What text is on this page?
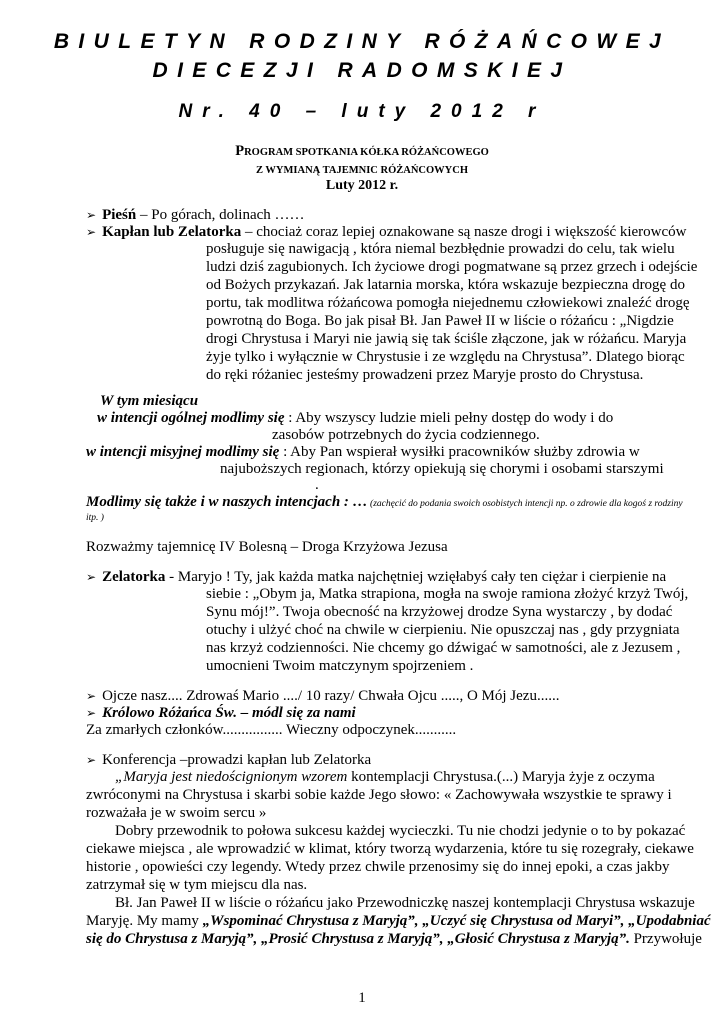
BIULETYN RODZINY RÓŻAŃCOWEJ
DIECEZJI RADOMSKIEJ
Nr. 40 – luty 2012 r
PROGRAM SPOTKANIA KÓŁKA RÓŻAŃCOWEGO
Z WYMIANĄ TAJEMNIC RÓŻAŃCOWYCH
Luty 2012 r.
➢ Pieśń – Po górach, dolinach ……
➢ Kapłan lub Zelatorka – chociaż coraz lepiej oznakowane są nasze drogi i większość kierowców
posługuje się nawigacją , która niemal bezbłędnie prowadzi do celu, tak wielu
ludzi dziś zagubionych. Ich życiowe drogi pogmatwane są przez grzech i odejście
od Bożych przykazań. Jak latarnia morska, która wskazuje bezpieczna drogę do
portu, tak modlitwa różańcowa pomogła niejednemu człowiekowi znaleźć drogę
powrotną do Boga. Bo jak pisał Bł. Jan Paweł II w liście o różańcu : „Nigdzie
drogi Chrystusa i Maryi nie jawią się tak ściśle złączone, jak w różańcu. Maryja
żyje tylko i wyłącznie w Chrystusie i ze względu na Chrystusa”. Dlatego biorąc
do ręki różaniec jesteśmy prowadzeni przez Maryje prosto do Chrystusa.
W tym miesiącu
w intencji ogólnej modlimy się : Aby wszyscy ludzie mieli pełny dostęp do wody i do
zasobów potrzebnych do życia codziennego.
w intencji misyjnej modlimy się : Aby Pan wspierał wysiłki pracowników służby zdrowia w
najuboższych regionach, którzy opiekują się chorymi i osobami starszymi
.
Modlimy się także i w naszych intencjach : … (zachęcić do podania swoich osobistych intencji np. o zdrowie dla kogoś z rodziny
itp. )
Rozważmy tajemnicę IV Bolesną – Droga Krzyżowa Jezusa
➢ Zelatorka - Maryjo ! Ty, jak każda matka najchętniej wzięłabyś cały ten ciężar i cierpienie na
siebie : „Obym ja, Matka strapiona, mogła na swoje ramiona złożyć krzyż Twój,
Synu mój!”. Twoja obecność na krzyżowej drodze Syna wystarczy , by dodać
otuchy i ulżyć choć na chwile w cierpieniu. Nie opuszczaj nas , gdy przygniata
nas krzyż codzienności. Nie chcemy go dźwigać w samotności, ale z Jezusem ,
umocnieni Twoim matczynym spojrzeniem .
➢ Ojcze nasz.... Zdrowaś Mario ..../ 10 razy/ Chwała Ojcu ....., O Mój Jezu......
➢ Królowo Różańca Św. – módl się za nami
Za zmarłych członków................ Wieczny odpoczynek...........
➢ Konferencja –prowadzi kapłan lub Zelatorka
„Maryja jest niedoścignionym wzorem kontemplacji Chrystusa.(...) Maryja żyje z oczyma
zwróconymi na Chrystusa i skarbi sobie każde Jego słowo: « Zachowywała wszystkie te sprawy i
rozważała je w swoim sercu »
Dobry przewodnik to połowa sukcesu każdej wycieczki. Tu nie chodzi jedynie o to by pokazać
ciekawe miejsca , ale wprowadzić w klimat, który tworzą wydarzenia, które tu się rozegrały, ciekawe
historie , opowieści czy legendy. Wtedy przez chwile przenosimy się do innej epoki, a czas jakby
zatrzymał się w tym miejscu dla nas.
Bł. Jan Paweł II w liście o różańcu jako Przewodniczkę naszej kontemplacji Chrystusa wskazuje
Maryję. My mamy „Wspominać Chrystusa z Maryją”, „Uczyć się Chrystusa od Maryi”, „Upodabniać
się do Chrystusa z Maryją”, „Prosić Chrystusa z Maryją”, „Głosić Chrystusa z Maryją”. Przywołuje
1
